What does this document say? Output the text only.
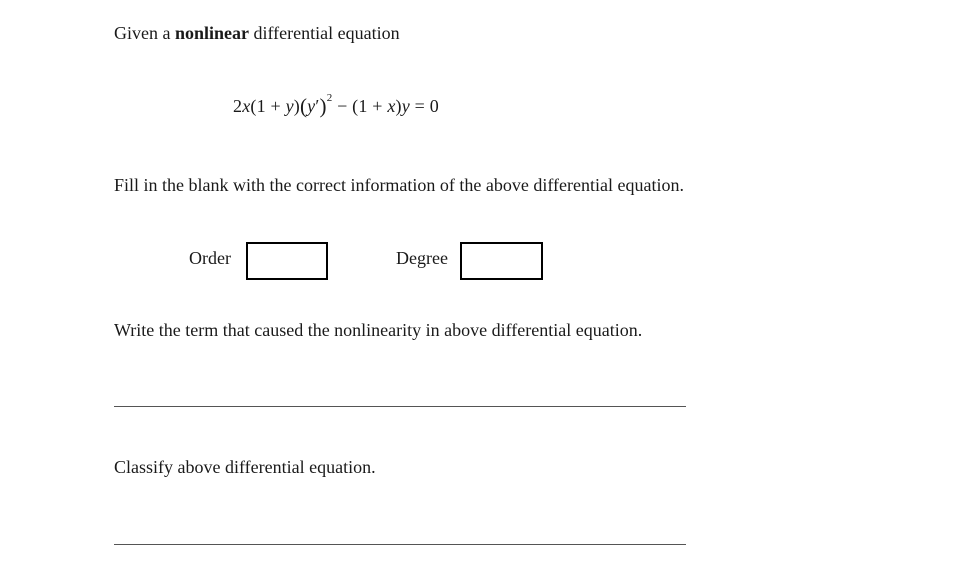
Given a nonlinear differential equation
$2x(1 + y)(y')^2 - (1 + x)y = 0$
Fill in the blank with the correct information of the above differential equation.
Order	Degree
Write the term that caused the nonlinearity in above differential equation.
Classify above differential equation.
